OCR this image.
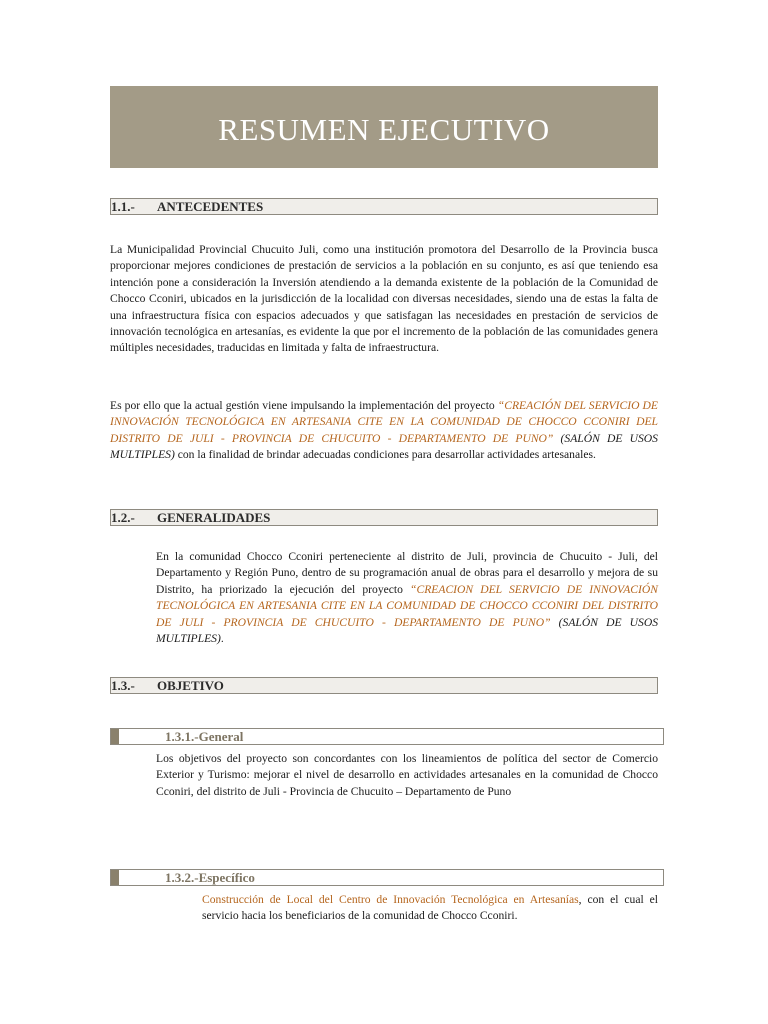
RESUMEN EJECUTIVO
1.1.- ANTECEDENTES

La Municipalidad Provincial Chucuito Juli, como una institución promotora del Desarrollo de la Provincia busca proporcionar mejores condiciones de prestación de servicios a la población en su conjunto, es así que teniendo esa intención pone a consideración la Inversión atendiendo a la demanda existente de la población de la Comunidad de Chocco Cconiri, ubicados en la jurisdicción de la localidad con diversas necesidades, siendo una de estas la falta de una infraestructura física con espacios adecuados y que satisfagan las necesidades en prestación de servicios de innovación tecnológica en artesanías, es evidente la que por el incremento de la población de las comunidades genera múltiples necesidades, traducidas en limitada y falta de infraestructura.

Es por ello que la actual gestión viene impulsando la implementación del proyecto “CREACIÓN DEL SERVICIO DE INNOVACIÓN TECNOLÓGICA EN ARTESANIA CITE EN LA COMUNIDAD DE CHOCCO CCONIRI DEL DISTRITO DE JULI - PROVINCIA DE CHUCUITO - DEPARTAMENTO DE PUNO” (SALÓN DE USOS MULTIPLES) con la finalidad de brindar adecuadas condiciones para desarrollar actividades artesanales.

1.2.- GENERALIDADES

En la comunidad Chocco Cconiri perteneciente al distrito de Juli, provincia de Chucuito - Juli, del Departamento y Región Puno, dentro de su programación anual de obras para el desarrollo y mejora de su Distrito, ha priorizado la ejecución del proyecto “CREACION DEL SERVICIO DE INNOVACIÓN TECNOLÓGICA EN ARTESANIA CITE EN LA COMUNIDAD DE CHOCCO CCONIRI DEL DISTRITO DE JULI - PROVINCIA DE CHUCUITO - DEPARTAMENTO DE PUNO” (SALÓN DE USOS MULTIPLES).

1.3.- OBJETIVO
1.3.1.-General

Los objetivos del proyecto son concordantes con los lineamientos de política del sector de Comercio Exterior y Turismo: mejorar el nivel de desarrollo en actividades artesanales en la comunidad de Chocco Cconiri, del distrito de Juli - Provincia de Chucuito – Departamento de Puno

1.3.2.-Específico

Construcción de Local del Centro de Innovación Tecnológica en Artesanías, con el cual el servicio hacia los beneficiarios de la comunidad de Chocco Cconiri.
